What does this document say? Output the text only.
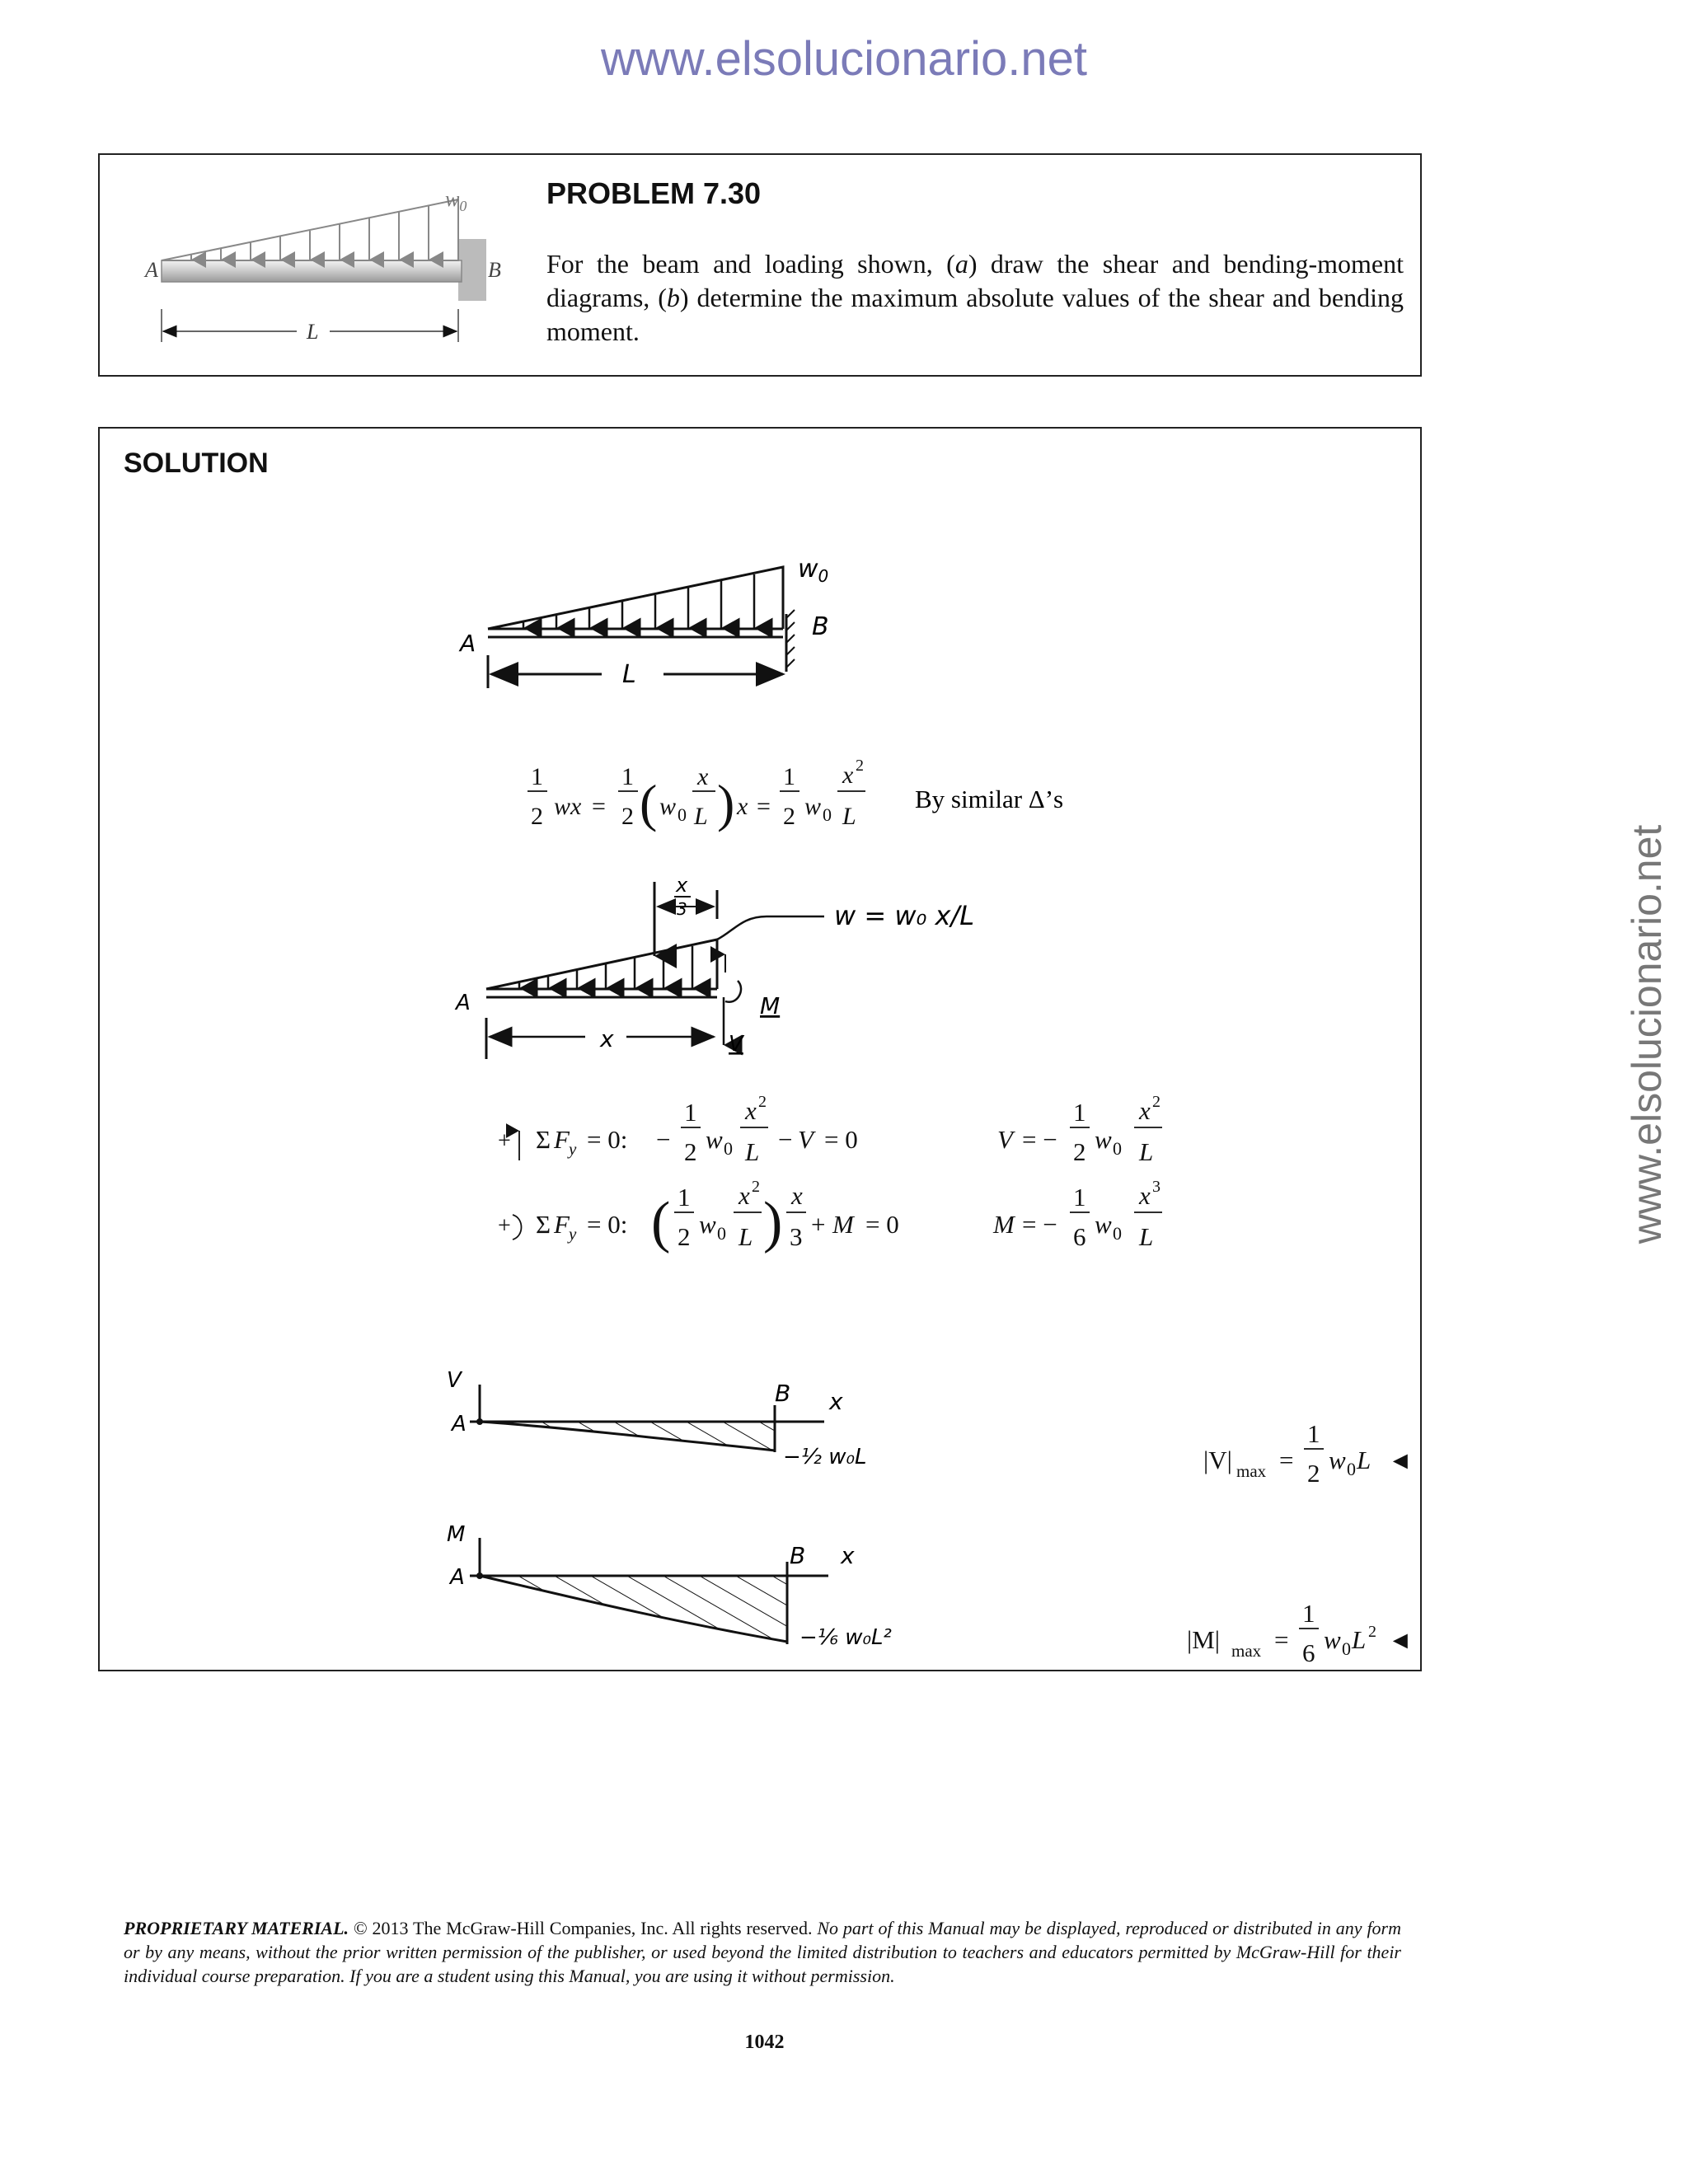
www.elsolucionario.net
www.elsolucionario.net
PROBLEM 7.30
For the beam and loading shown, (a) draw the shear and bending-moment diagrams, (b) determine the maximum absolute values of the shear and bending moment.
SOLUTION
A	B
$w_0$
L
A
B
L
$w_0$
1
2 wx =
1
2 ( w 0
x
L ) x =
1
2 w 0
x 2
L
By similar Δ’s
A
x
M
V
x
3	w = w₀ x/L
+ Σ F y = 0: −
1
2 w 0
x 2
L − V = 0	V = −
1
2 w 0
x 2
L
+ Σ F y = 0: ( 1
2 w 0
x 2
L ) x
3 + M = 0	M = −
1
6 w 0
x 3
L
V
A
B x
−½ w₀L
M
A
B x
−⅙ w₀L²
|V| max =
1
2 w 0 L ◄
|M| max =
1
6 w 0 L 2 ◄
PROPRIETARY MATERIAL. © 2013 The McGraw-Hill Companies, Inc. All rights reserved. No part of this Manual may be displayed, reproduced or distributed in any form or by any means, without the prior written permission of the publisher, or used beyond the limited distribution to teachers and educators permitted by McGraw-Hill for their individual course preparation. If you are a student using this Manual, you are using it without permission.
1042
